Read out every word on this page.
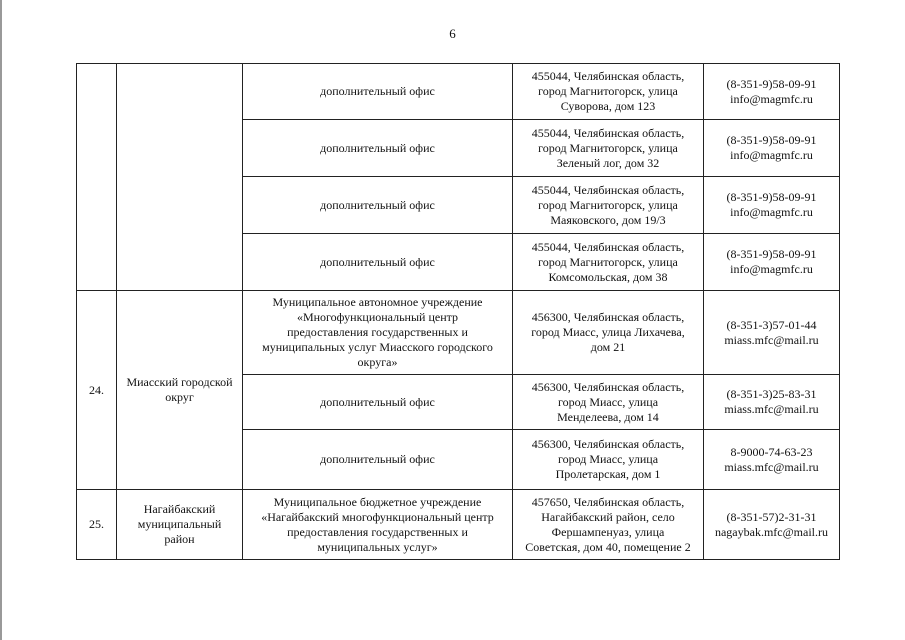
6

		дополнительный офис	455044, Челябинская область,
город Магнитогорск, улица
Суворова, дом 123	(8-351-9)58-09-91
info@magmfc.ru

		дополнительный офис	455044, Челябинская область,
город Магнитогорск, улица
Зеленый лог, дом 32	(8-351-9)58-09-91
info@magmfc.ru

		дополнительный офис	455044, Челябинская область,
город Магнитогорск, улица
Маяковского, дом 19/3	(8-351-9)58-09-91
info@magmfc.ru

		дополнительный офис	455044, Челябинская область,
город Магнитогорск, улица
Комсомольская, дом 38	(8-351-9)58-09-91
info@magmfc.ru

24.	Миасский городской
округ	Муниципальное автономное учреждение
«Многофункциональный центр
предоставления государственных и
муниципальных услуг Миасского городского
округа»	456300, Челябинская область,
город Миасс, улица Лихачева,
дом 21	(8-351-3)57-01-44
miass.mfc@mail.ru

		дополнительный офис	456300, Челябинская область,
город Миасс, улица
Менделеева, дом 14	(8-351-3)25-83-31
miass.mfc@mail.ru

		дополнительный офис	456300, Челябинская область,
город Миасс, улица
Пролетарская, дом 1	8-9000-74-63-23
miass.mfc@mail.ru

25.	Нагайбакский
муниципальный
район	Муниципальное бюджетное учреждение
«Нагайбакский многофункциональный центр
предоставления государственных и
муниципальных услуг»	457650, Челябинская область,
Нагайбакский район, село
Фершампенуаз, улица
Советская, дом 40, помещение 2	(8-351-57)2-31-31
nagaybak.mfc@mail.ru
